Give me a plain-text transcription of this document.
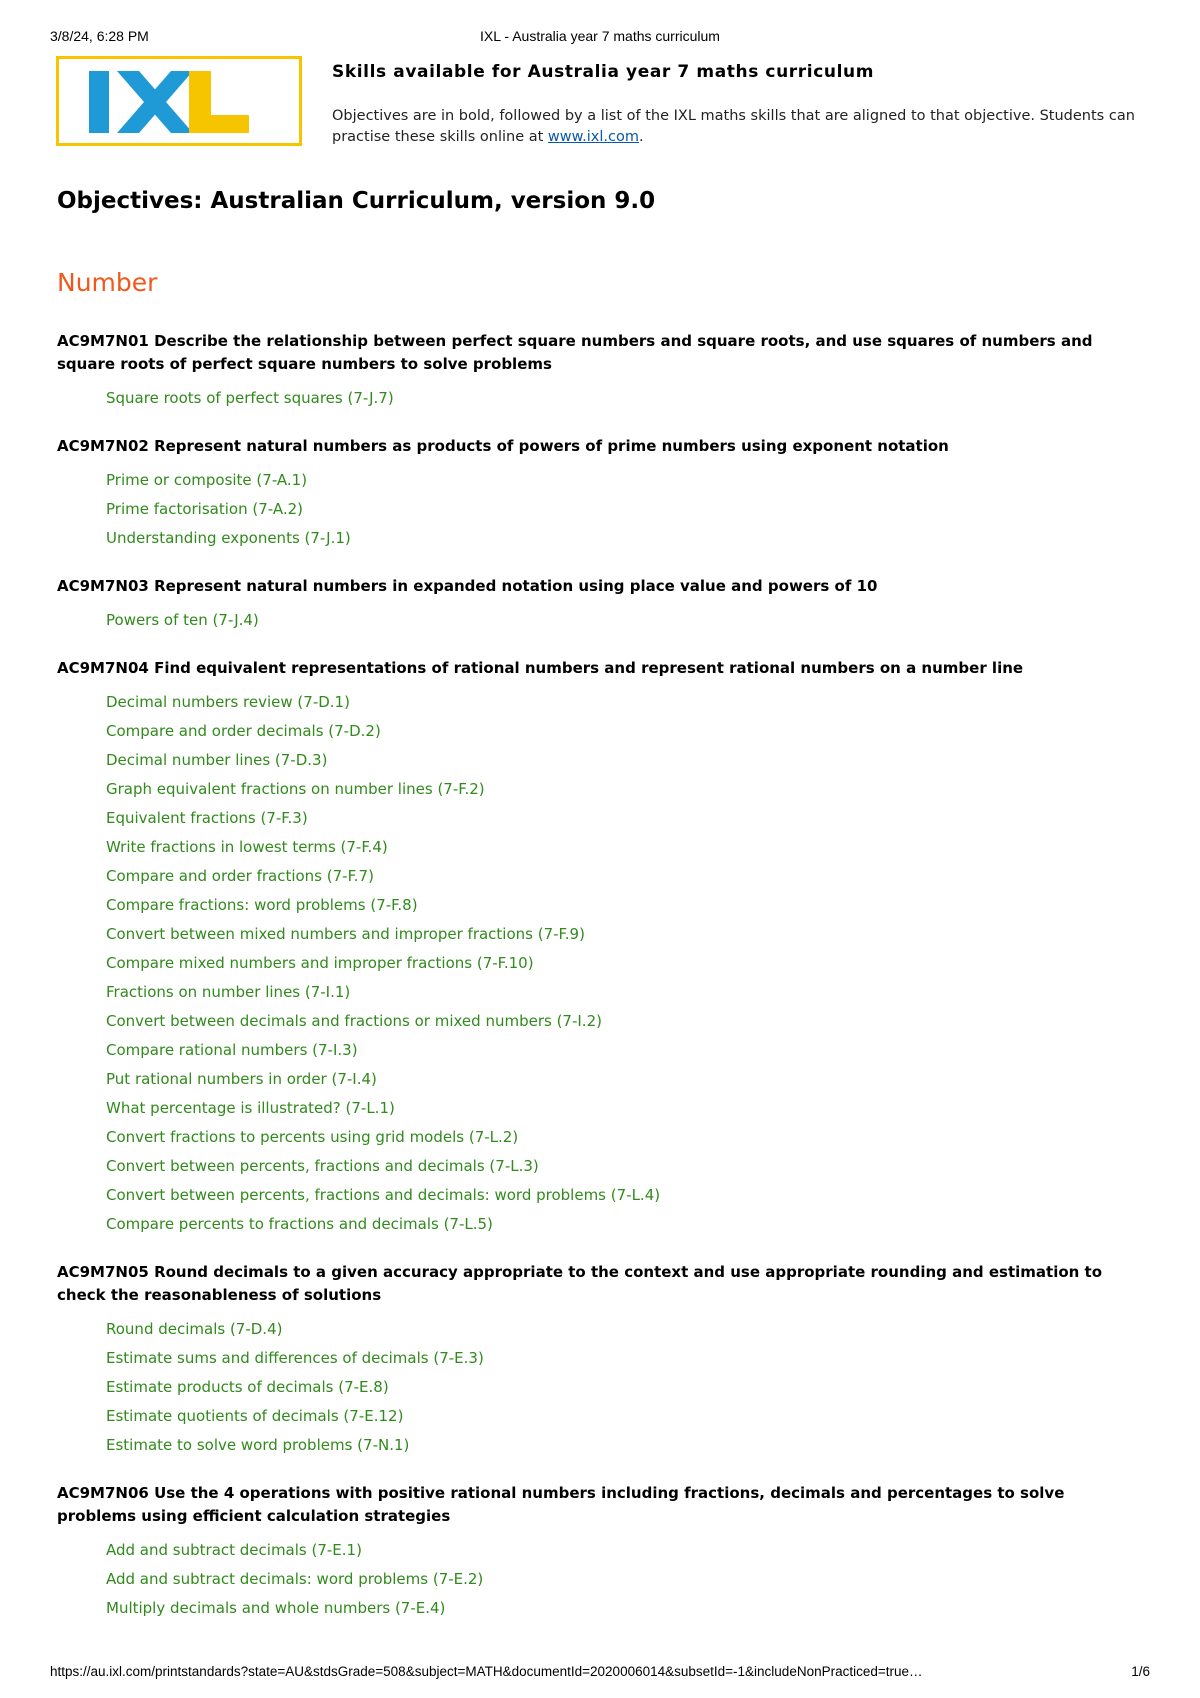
3/8/24, 6:28 PM	IXL - Australia year 7 maths curriculum
Skills available for Australia year 7 maths curriculum

Objectives are in bold, followed by a list of the IXL maths skills that are aligned to that objective. Students can practise these skills online at www.ixl.com.

Objectives: Australian Curriculum, version 9.0
Number

AC9M7N01 Describe the relationship between perfect square numbers and square roots, and use squares of numbers and square roots of perfect square numbers to solve problems

Square roots of perfect squares (7-J.7)

AC9M7N02 Represent natural numbers as products of powers of prime numbers using exponent notation

Prime or composite (7-A.1)
Prime factorisation (7-A.2)
Understanding exponents (7-J.1)

AC9M7N03 Represent natural numbers in expanded notation using place value and powers of 10

Powers of ten (7-J.4)

AC9M7N04 Find equivalent representations of rational numbers and represent rational numbers on a number line

Decimal numbers review (7-D.1)
Compare and order decimals (7-D.2)
Decimal number lines (7-D.3)
Graph equivalent fractions on number lines (7-F.2)
Equivalent fractions (7-F.3)
Write fractions in lowest terms (7-F.4)
Compare and order fractions (7-F.7)
Compare fractions: word problems (7-F.8)
Convert between mixed numbers and improper fractions (7-F.9)
Compare mixed numbers and improper fractions (7-F.10)
Fractions on number lines (7-I.1)
Convert between decimals and fractions or mixed numbers (7-I.2)
Compare rational numbers (7-I.3)
Put rational numbers in order (7-I.4)
What percentage is illustrated? (7-L.1)
Convert fractions to percents using grid models (7-L.2)
Convert between percents, fractions and decimals (7-L.3)
Convert between percents, fractions and decimals: word problems (7-L.4)
Compare percents to fractions and decimals (7-L.5)

AC9M7N05 Round decimals to a given accuracy appropriate to the context and use appropriate rounding and estimation to check the reasonableness of solutions

Round decimals (7-D.4)
Estimate sums and differences of decimals (7-E.3)
Estimate products of decimals (7-E.8)
Estimate quotients of decimals (7-E.12)
Estimate to solve word problems (7-N.1)

AC9M7N06 Use the 4 operations with positive rational numbers including fractions, decimals and percentages to solve problems using efficient calculation strategies

Add and subtract decimals (7-E.1)
Add and subtract decimals: word problems (7-E.2)
Multiply decimals and whole numbers (7-E.4)
https://au.ixl.com/printstandards?state=AU&stdsGrade=508&subject=MATH&documentId=2020006014&subsetId=-1&includeNonPracticed=true…	1/6
